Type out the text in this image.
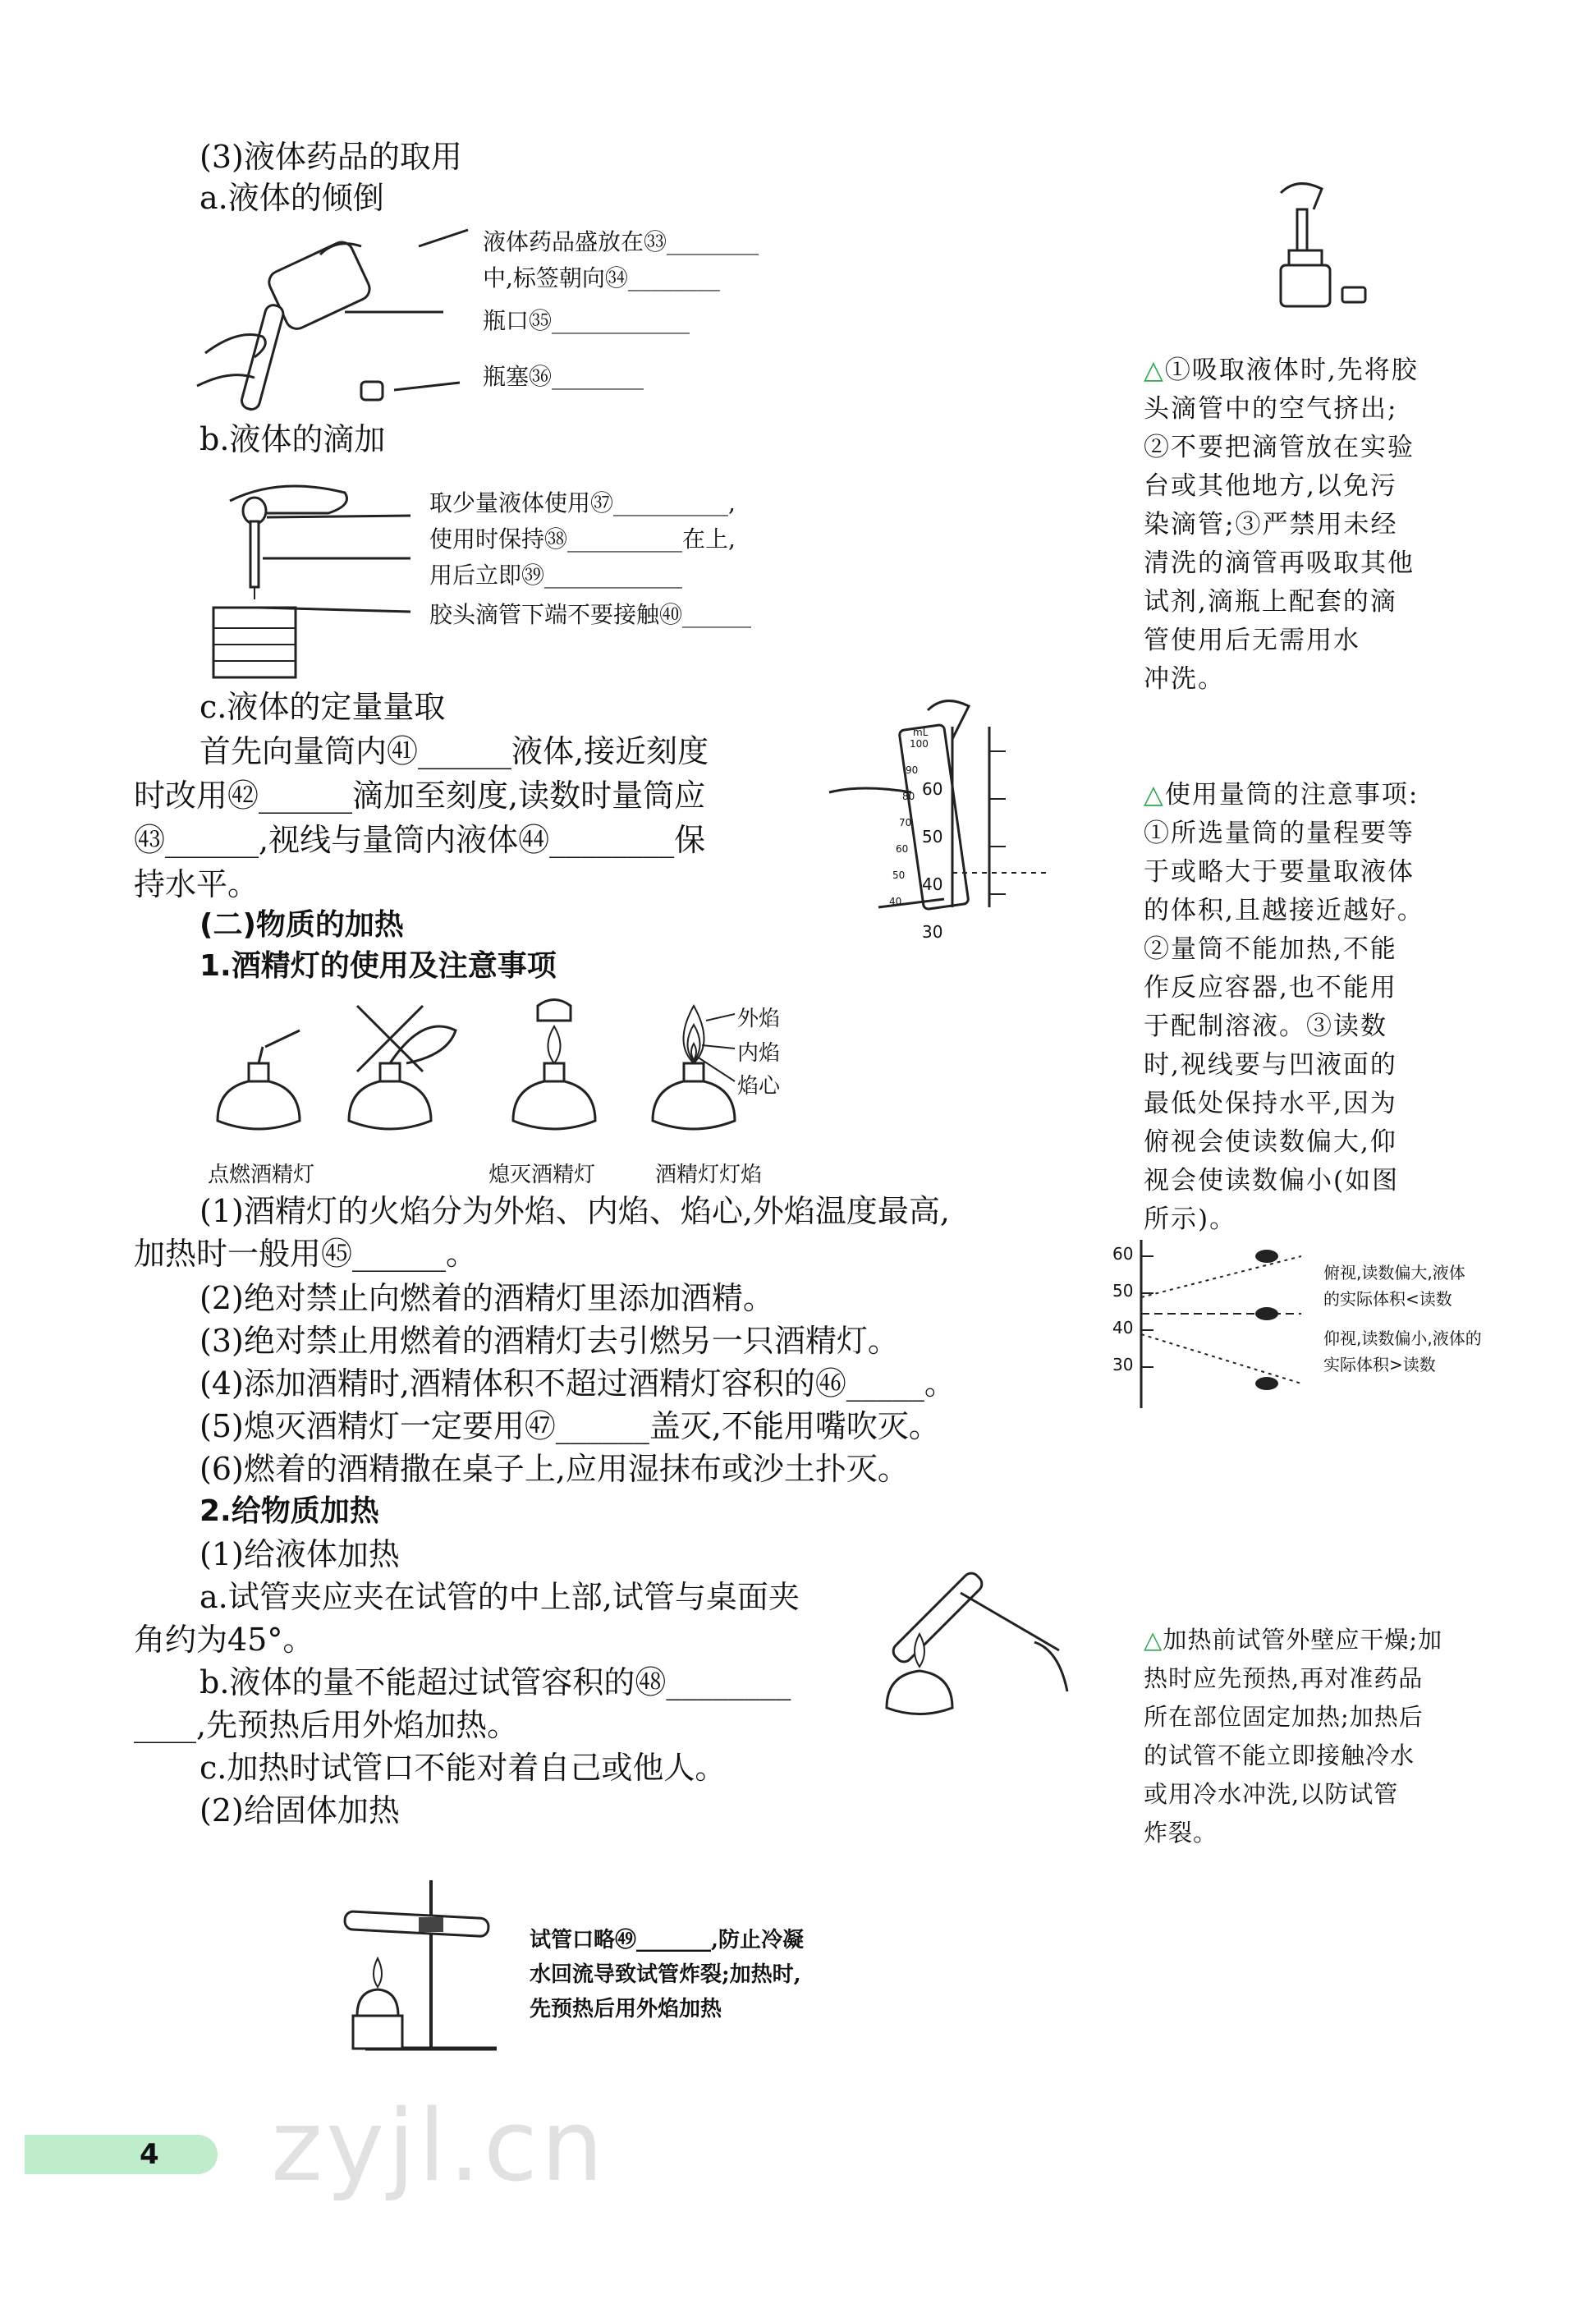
(3)液体药品的取用
a.液体的倾倒
液体药品盛放在㉝________
中,标签朝向㉞________
瓶口㉟____________
瓶塞㊱________
b.液体的滴加
取少量液体使用㊲__________,
使用时保持㊳__________在上,
用后立即㊴____________
胶头滴管下端不要接触㊵______
c.液体的定量量取
首先向量筒内㊶______液体,接近刻度
时改用㊷______滴加至刻度,读数时量筒应
㊸______,视线与量筒内液体㊹________保
持水平。
60
50
40
30
mL
100
90
80
70
60
50
40
(二)物质的加热
1.酒精灯的使用及注意事项
外焰
内焰
焰心
点燃酒精灯	熄灭酒精灯	酒精灯灯焰
(1)酒精灯的火焰分为外焰、内焰、焰心,外焰温度最高,
加热时一般用㊺______。
(2)绝对禁止向燃着的酒精灯里添加酒精。
(3)绝对禁止用燃着的酒精灯去引燃另一只酒精灯。
(4)添加酒精时,酒精体积不超过酒精灯容积的㊻_____。
(5)熄灭酒精灯一定要用㊼______盖灭,不能用嘴吹灭。
(6)燃着的酒精撒在桌子上,应用湿抹布或沙土扑灭。
2.给物质加热
(1)给液体加热
a.试管夹应夹在试管的中上部,试管与桌面夹
角约为45°。
b.液体的量不能超过试管容积的㊽________
____,先预热后用外焰加热。
c.加热时试管口不能对着自己或他人。
(2)给固体加热
试管口略㊾_______,防止冷凝
水回流导致试管炸裂;加热时,
先预热后用外焰加热
△①吸取液体时,先将胶
头滴管中的空气挤出;
②不要把滴管放在实验
台或其他地方,以免污
染滴管;③严禁用未经
清洗的滴管再吸取其他
试剂,滴瓶上配套的滴
管使用后无需用水
冲洗。
△使用量筒的注意事项:
①所选量筒的量程要等
于或略大于要量取液体
的体积,且越接近越好。
②量筒不能加热,不能
作反应容器,也不能用
于配制溶液。③读数
时,视线要与凹液面的
最低处保持水平,因为
俯视会使读数偏大,仰
视会使读数偏小(如图
所示)。
60
50
40
30
俯视,读数偏大,液体
的实际体积<读数
仰视,读数偏小,液体的
实际体积>读数
△加热前试管外壁应干燥;加
热时应先预热,再对准药品
所在部位固定加热;加热后
的试管不能立即接触冷水
或用冷水冲洗,以防试管
炸裂。
4 zyjl.cn
